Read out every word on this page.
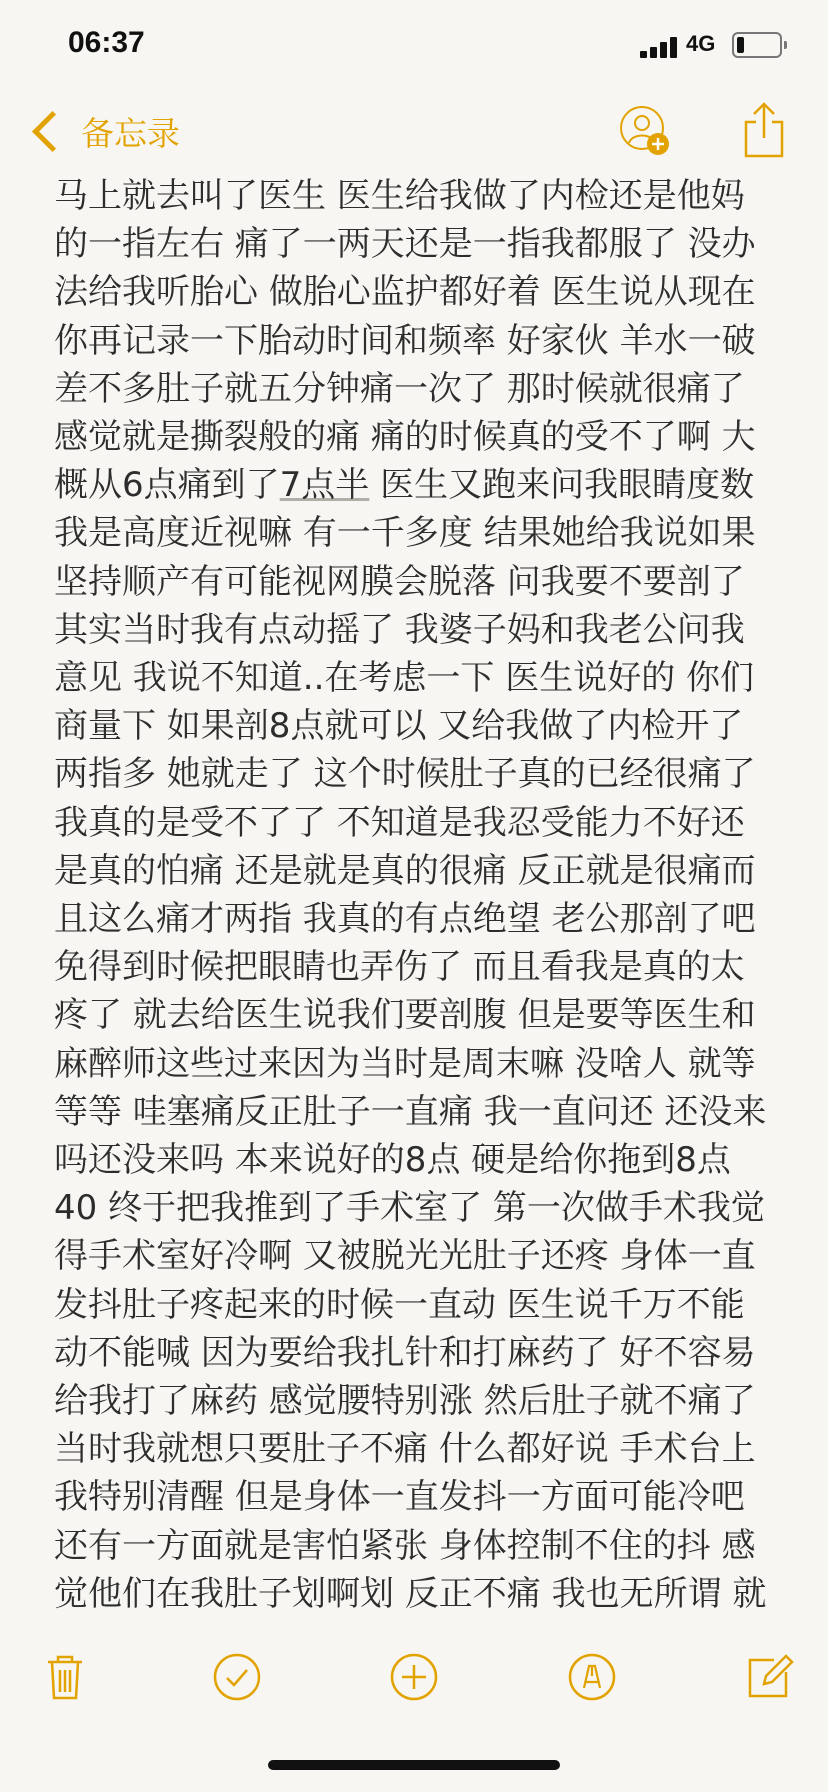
06:37	4G
备忘录

马上就去叫了医生 医生给我做了内检还是他妈

的一指左右 痛了一两天还是一指我都服了 没办

法给我听胎心 做胎心监护都好着 医生说从现在

你再记录一下胎动时间和频率 好家伙 羊水一破

差不多肚子就五分钟痛一次了 那时候就很痛了

感觉就是撕裂般的痛 痛的时候真的受不了啊 大

概从6点痛到了7点半 医生又跑来问我眼睛度数

我是高度近视嘛 有一千多度 结果她给我说如果

坚持顺产有可能视网膜会脱落 问我要不要剖了

其实当时我有点动摇了 我婆子妈和我老公问我

意见 我说不知道..在考虑一下 医生说好的 你们

商量下 如果剖8点就可以 又给我做了内检开了

两指多 她就走了 这个时候肚子真的已经很痛了

我真的是受不了了 不知道是我忍受能力不好还

是真的怕痛 还是就是真的很痛 反正就是很痛而

且这么痛才两指 我真的有点绝望 老公那剖了吧

免得到时候把眼睛也弄伤了 而且看我是真的太

疼了 就去给医生说我们要剖腹 但是要等医生和

麻醉师这些过来因为当时是周末嘛 没啥人 就等

等等 哇塞痛反正肚子一直痛 我一直问还 还没来

吗还没来吗 本来说好的8点 硬是给你拖到8点

40 终于把我推到了手术室了 第一次做手术我觉

得手术室好冷啊 又被脱光光肚子还疼 身体一直

发抖肚子疼起来的时候一直动 医生说千万不能

动不能喊 因为要给我扎针和打麻药了 好不容易

给我打了麻药 感觉腰特别涨 然后肚子就不痛了

当时我就想只要肚子不痛 什么都好说 手术台上

我特别清醒 但是身体一直发抖一方面可能冷吧

还有一方面就是害怕紧张 身体控制不住的抖 感

觉他们在我肚子划啊划 反正不痛 我也无所谓 就
